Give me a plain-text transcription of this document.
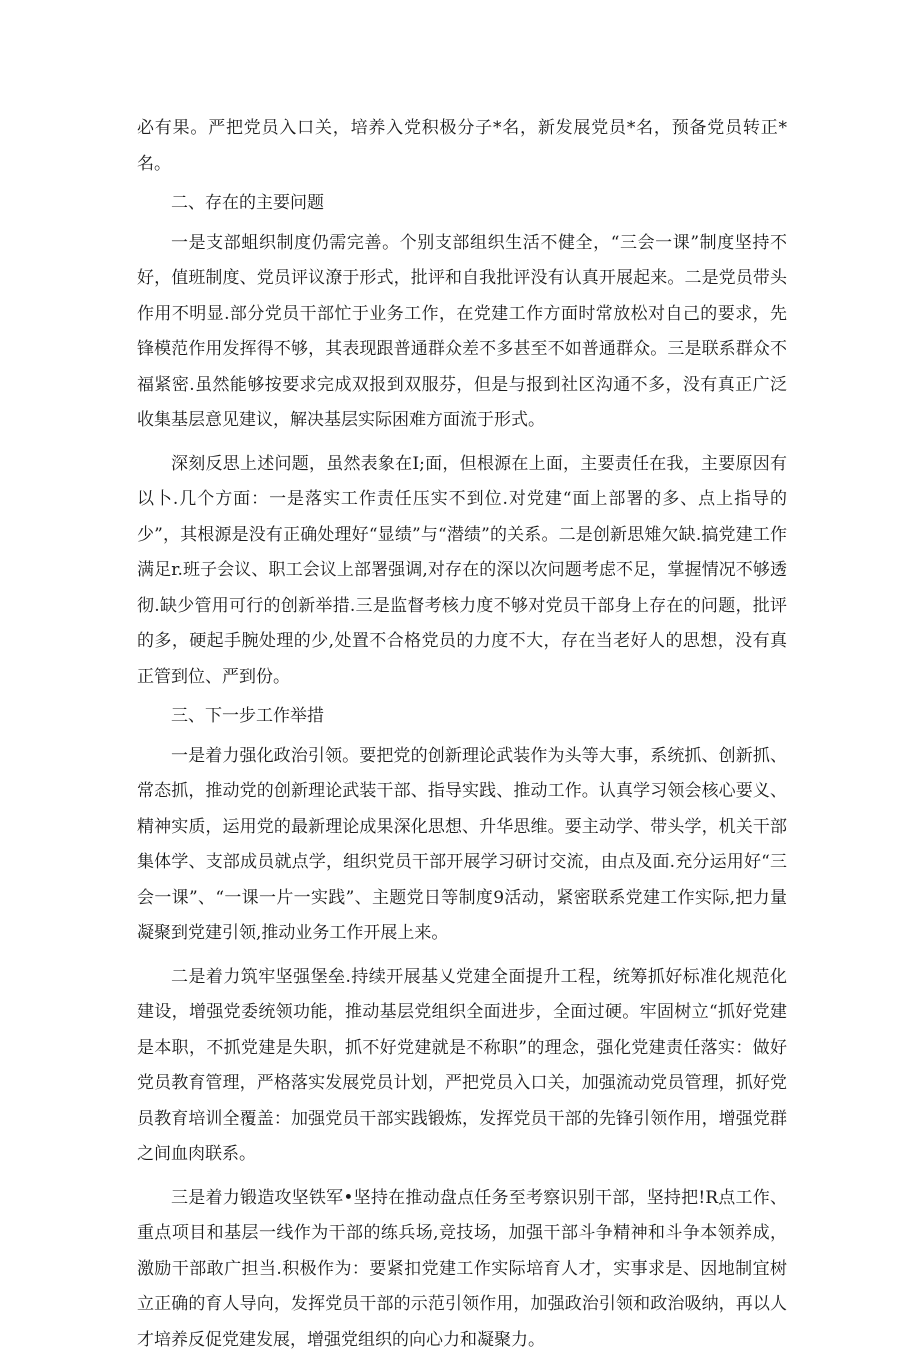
必有果。严把党员入口关，培养入党积极分子*名，新发展党员*名，预备党员转正*名。

二、存在的主要问题

一是支部蛆织制度仍需完善。个别支部组织生活不健全，“三会一课”制度坚持不好，值班制度、党员评议潦于形式，批评和自我批评没有认真开展起来。二是党员带头作用不明显.部分党员干部忙于业务工作，在党建工作方面时常放松对自己的要求，先锋模范作用发挥得不够，其表现跟普通群众差不多甚至不如普通群众。三是联系群众不福紧密.虽然能够按要求完成双报到双服芬，但是与报到社区沟通不多，没有真正广泛收集基层意见建议，解决基层实际困难方面流于形式。

深刻反思上述问题，虽然表象在I;面，但根源在上面，主要责任在我，主要原因有以卜.几个方面：一是落实工作责任压实不到位.对党建“面上部署的多、点上指导的少”，其根源是没有正确处理好“显绩”与“潜绩”的关系。二是创新思雉欠缺.搞党建工作满足r.班子会议、职工会议上部署强调,对存在的深以次问题考虑不足，掌握情况不够透彻.缺少管用可行的创新举措.三是监督考核力度不够对党员干部身上存在的问题，批评的多，硬起手腕处理的少,处置不合格党员的力度不大，存在当老好人的思想，没有真正管到位、严到份。

三、下一步工作举措

一是着力强化政治引领。要把党的创新理论武装作为头等大事，系统抓、创新抓、常态抓，推动党的创新理论武装干部、指导实践、推动工作。认真学习领会核心要义、精神实质，运用党的最新理论成果深化思想、升华思维。要主动学、带头学，机关干部集体学、支部成员就点学，组织党员干部开展学习研讨交流，由点及面.充分运用好“三会一课”、“一课一片一实践”、主题党日等制度9活动，紧密联系党建工作实际,把力量凝聚到党建引领,推动业务工作开展上来。

二是着力筑牢坚强堡垒.持续开展基乂党建全面提升工程，统筹抓好标准化规范化建设，增强党委统领功能，推动基层党组织全面进步，全面过硬。牢固树立“抓好党建是本职，不抓党建是失职，抓不好党建就是不称职”的理念，强化党建责任落实：做好党员教育管理，严格落实发展党员计划，严把党员入口关，加强流动党员管理，抓好党员教育培训全覆盖：加强党员干部实践锻炼，发挥党员干部的先锋引领作用，增强党群之间血肉联系。

三是着力锻造攻坚铁军•坚持在推动盘点任务至考察识别干部，坚持把!R点工作、重点项目和基层一线作为干部的练兵场,竞技场，加强干部斗争精神和斗争本领养成，激励干部敢广担当.积极作为：要紧扣党建工作实际培育人才，实事求是、因地制宜树立正确的育人导向，发挥党员干部的示范引领作用，加强政治引领和政治吸纳，再以人才培养反促党建发展，增强党组织的向心力和凝聚力。
